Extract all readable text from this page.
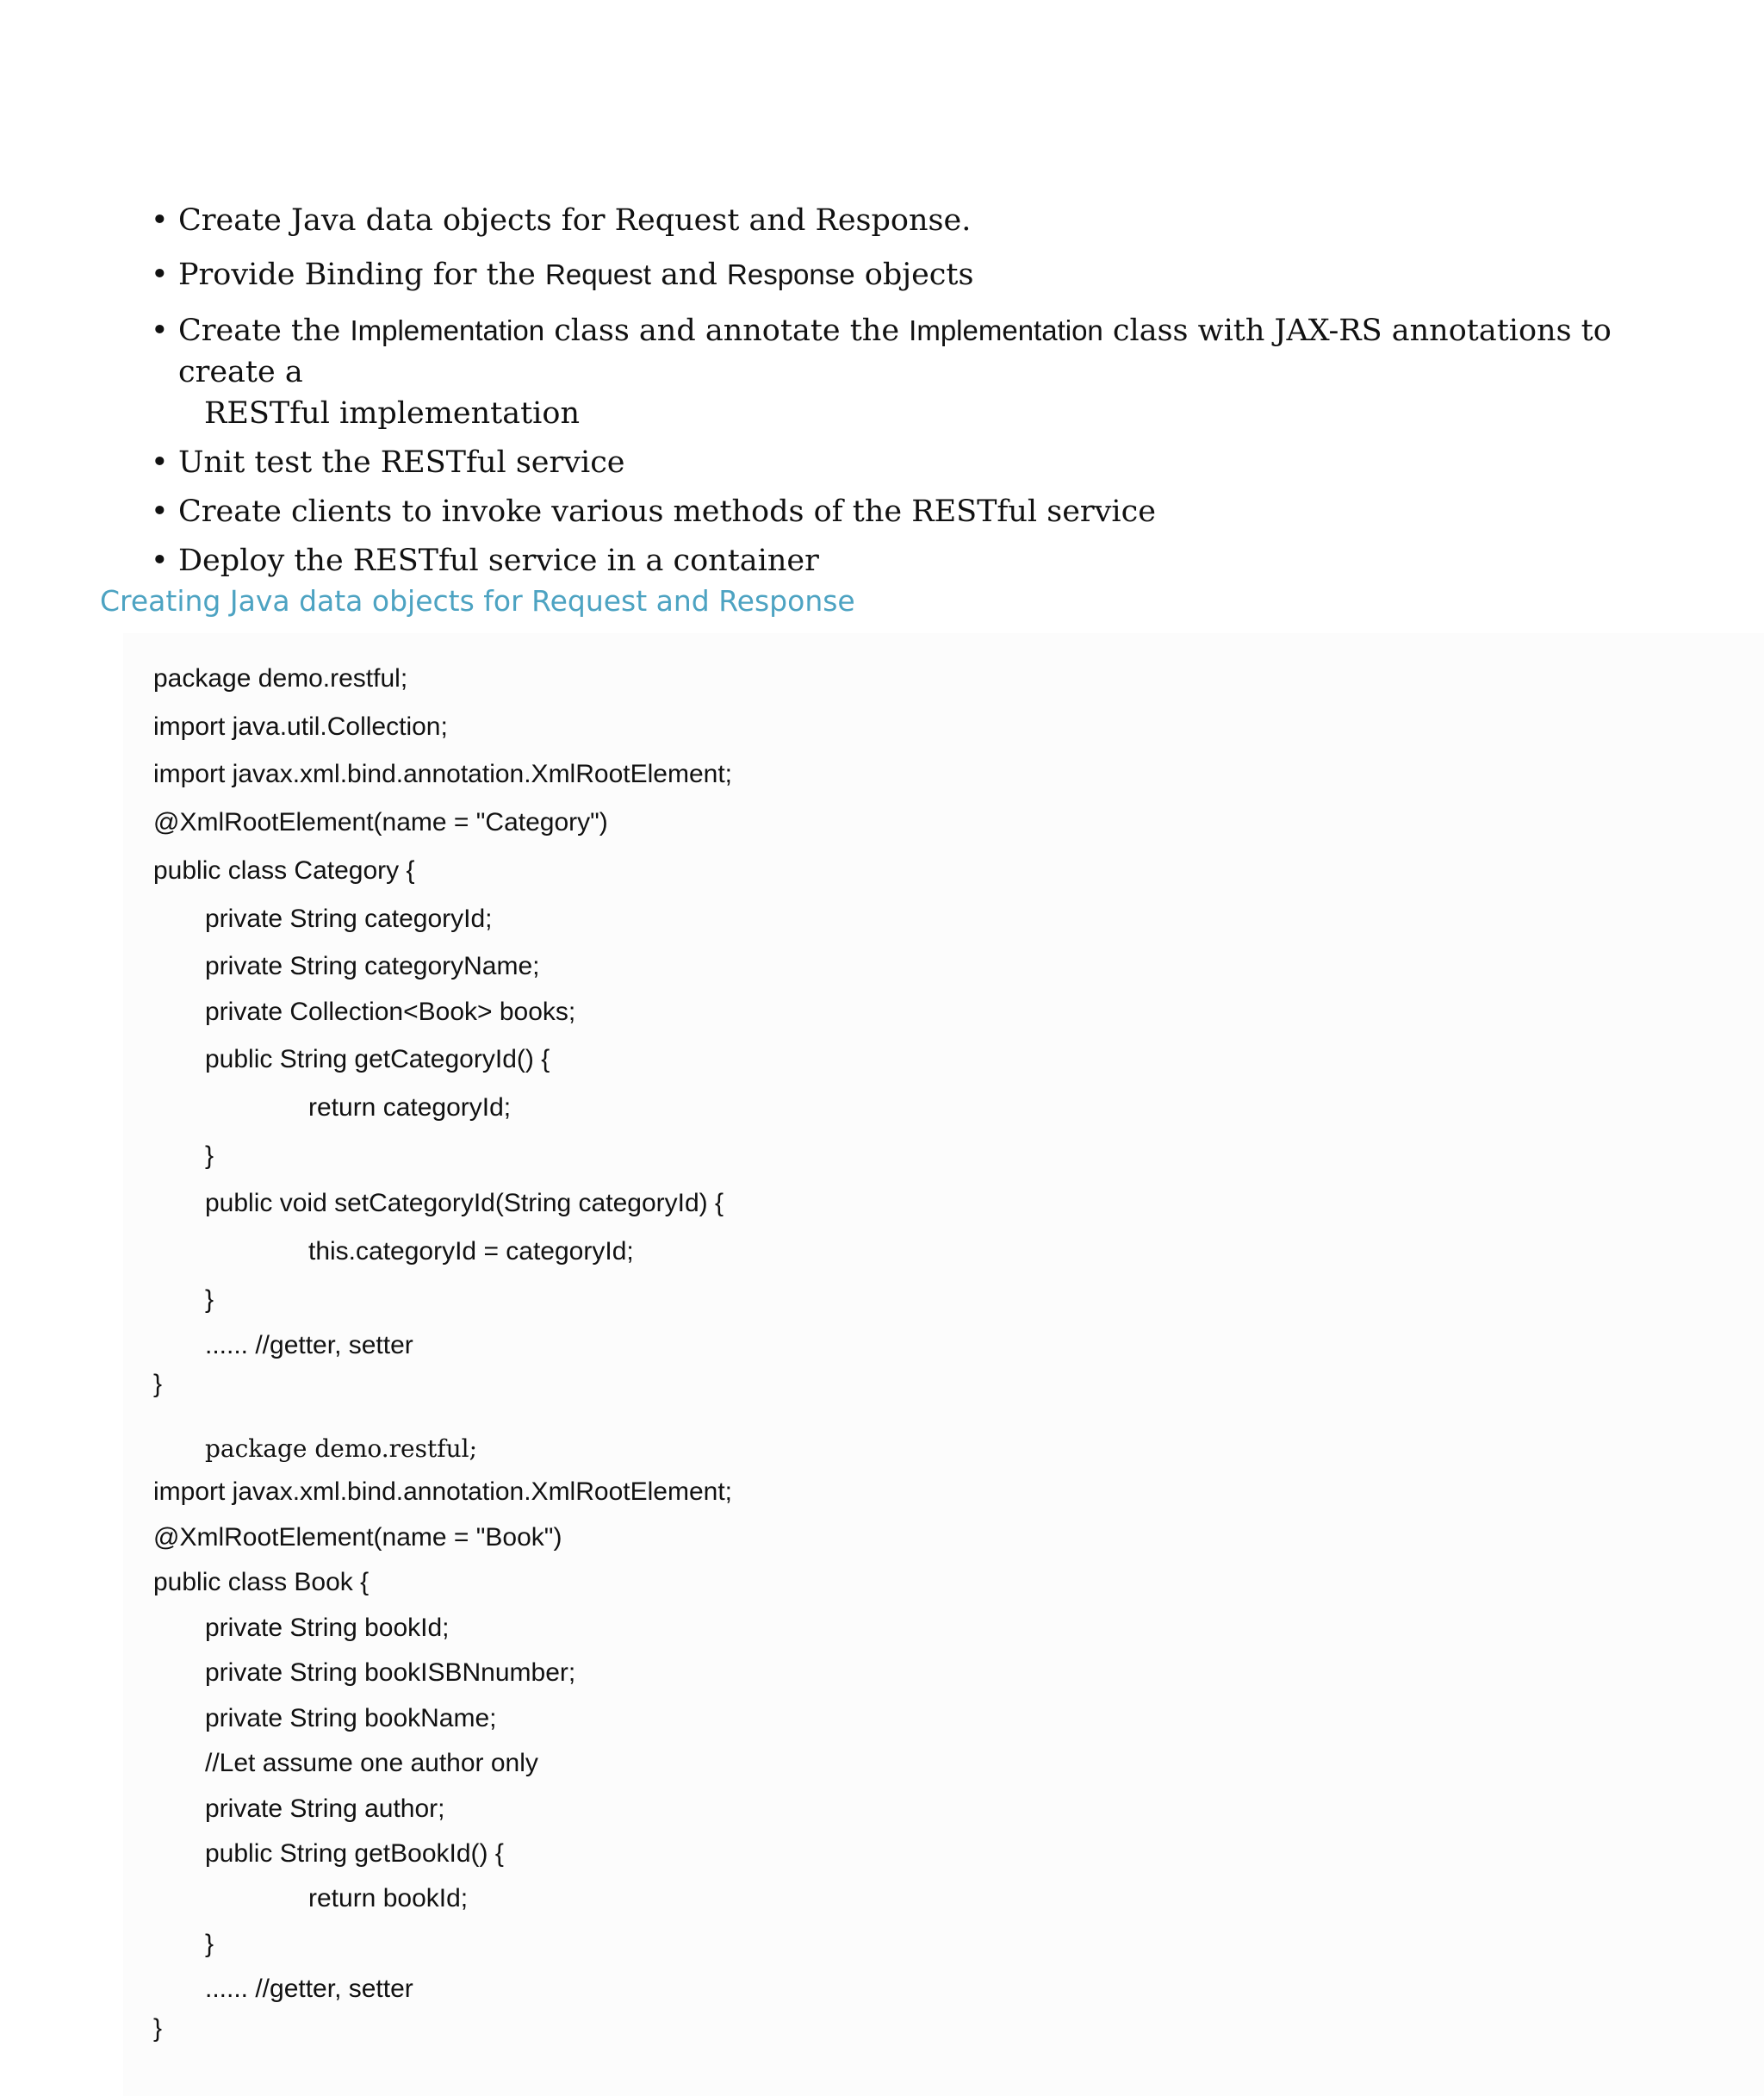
• Create Java data objects for Request and Response.
• Provide Binding for the Request and Response objects
• Create the Implementation class and annotate the Implementation class with JAX-RS annotations to create a
RESTful implementation
• Unit test the RESTful service
• Create clients to invoke various methods of the RESTful service
• Deploy the RESTful service in a container
Creating Java data objects for Request and Response
package demo.restful;
import java.util.Collection;
import javax.xml.bind.annotation.XmlRootElement;
@XmlRootElement(name = "Category")
public class Category {
private String categoryId;
private String categoryName;
private Collection<Book> books;
public String getCategoryId() {
return categoryId;
}
public void setCategoryId(String categoryId) {
this.categoryId = categoryId;
}
...... //getter, setter
}
package demo.restful;
import javax.xml.bind.annotation.XmlRootElement;
@XmlRootElement(name = "Book")
public class Book {
private String bookId;
private String bookISBNnumber;
private String bookName;
//Let assume one author only
private String author;
public String getBookId() {
return bookId;
}
...... //getter, setter
}
